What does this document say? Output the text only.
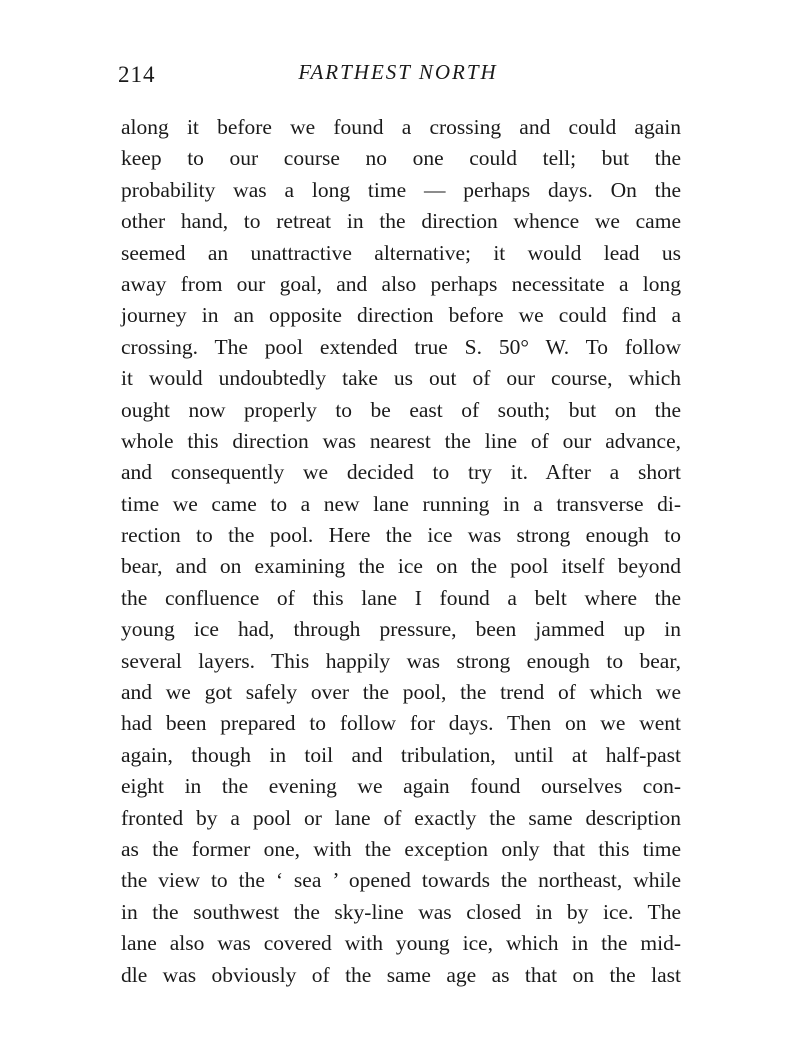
214	FARTHEST NORTH
along it before we found a crossing and could again
keep to our course no one could tell; but the
probability was a long time — perhaps days. On the
other hand, to retreat in the direction whence we came
seemed an unattractive alternative; it would lead us
away from our goal, and also perhaps necessitate a long
journey in an opposite direction before we could find a
crossing. The pool extended true S. 50° W. To follow
it would undoubtedly take us out of our course, which
ought now properly to be east of south; but on the
whole this direction was nearest the line of our advance,
and consequently we decided to try it. After a short
time we came to a new lane running in a transverse di-
rection to the pool. Here the ice was strong enough to
bear, and on examining the ice on the pool itself beyond
the confluence of this lane I found a belt where the
young ice had, through pressure, been jammed up in
several layers. This happily was strong enough to bear,
and we got safely over the pool, the trend of which we
had been prepared to follow for days. Then on we went
again, though in toil and tribulation, until at half-past
eight in the evening we again found ourselves con-
fronted by a pool or lane of exactly the same description
as the former one, with the exception only that this time
the view to the ‘ sea ’ opened towards the northeast, while
in the southwest the sky-line was closed in by ice. The
lane also was covered with young ice, which in the mid-
dle was obviously of the same age as that on the last
